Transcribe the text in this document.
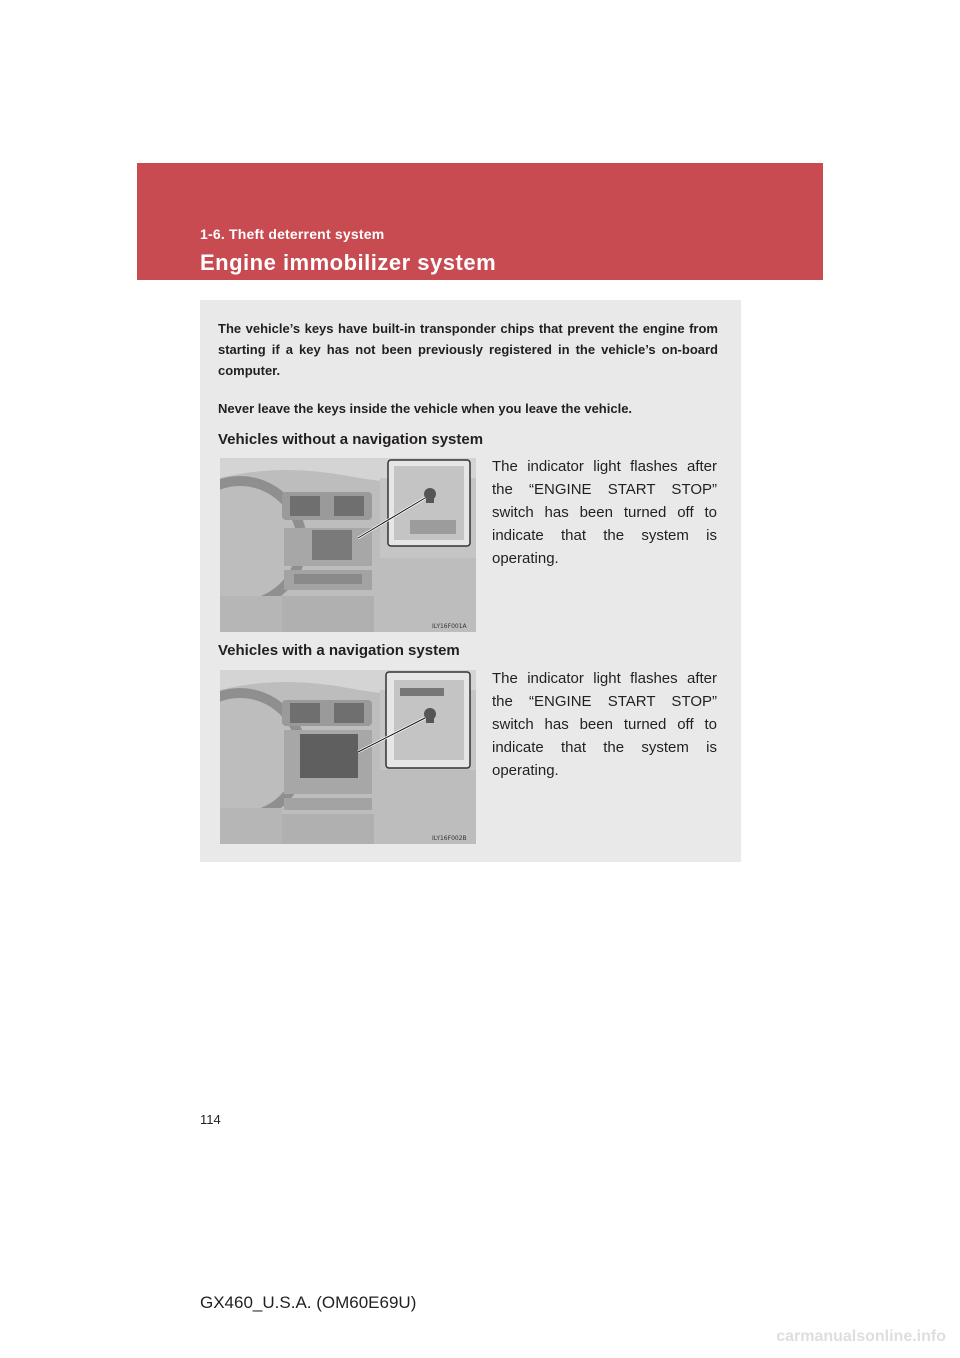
1-6. Theft deterrent system
Engine immobilizer system

The vehicle’s keys have built-in transponder chips that prevent the engine from starting if a key has not been previously registered in the vehicle’s on-board computer.

Never leave the keys inside the vehicle when you leave the vehicle.

Vehicles without a navigation system

ILY16F001A

The indicator light flashes after the “ENGINE START STOP” switch has been turned off to indicate that the system is operating.

Vehicles with a navigation system

ILY16F002B

The indicator light flashes after the “ENGINE START STOP” switch has been turned off to indicate that the system is operating.

114
GX460_U.S.A. (OM60E69U)
carmanualsonline.info
